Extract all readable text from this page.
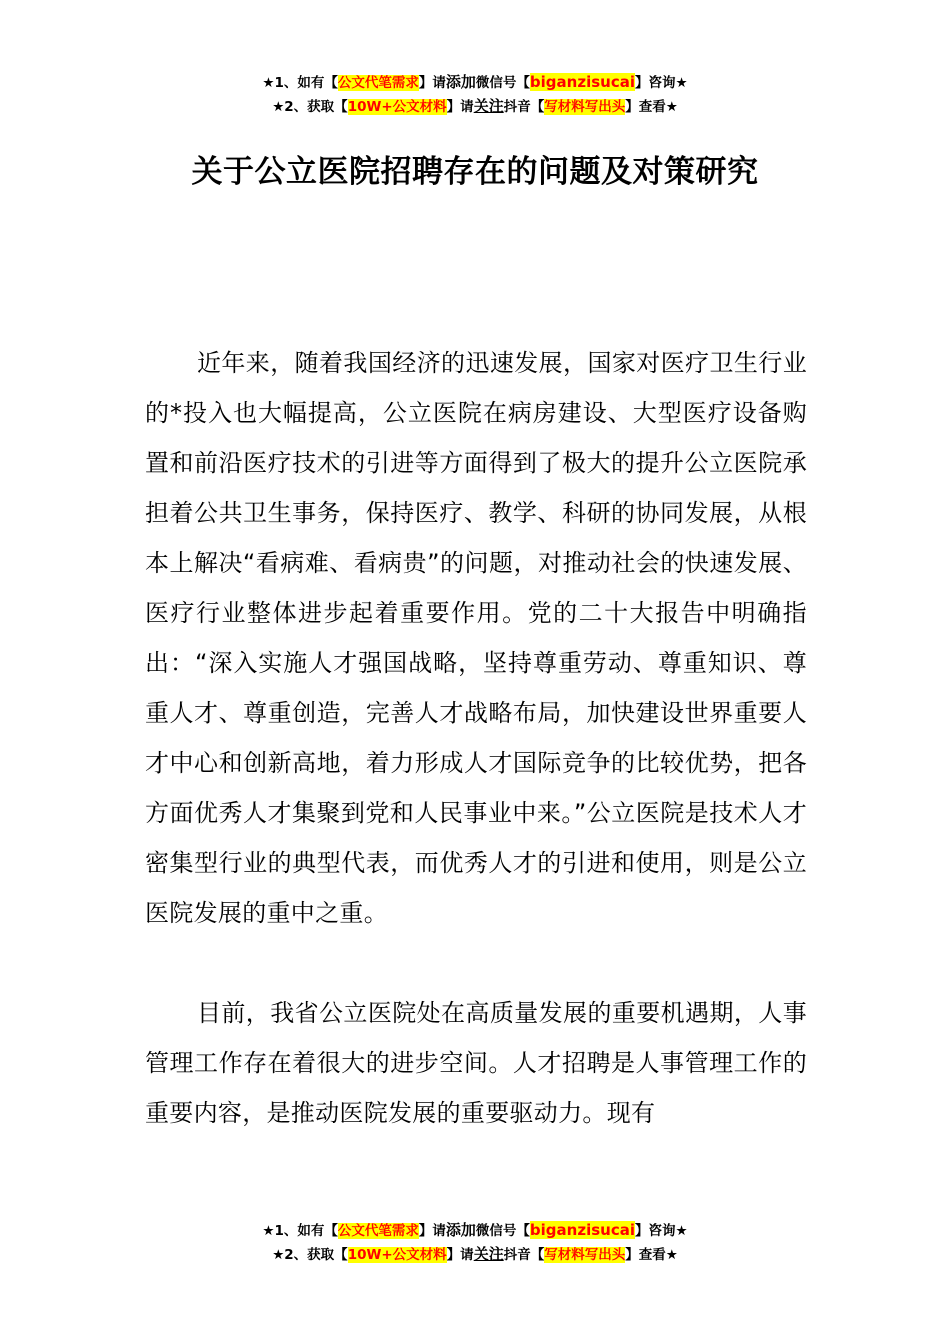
★1、如有【公文代笔需求】请添加微信号【biganzisucai】咨询★
★2、获取【10W+公文材料】请关注抖音【写材料写出头】查看★
关于公立医院招聘存在的问题及对策研究

近年来，随着我国经济的迅速发展，国家对医疗卫生行业的*投入也大幅提高，公立医院在病房建设、大型医疗设备购置和前沿医疗技术的引进等方面得到了极大的提升公立医院承担着公共卫生事务，保持医疗、教学、科研的协同发展，从根本上解决“看病难、看病贵”的问题，对推动社会的快速发展、医疗行业整体进步起着重要作用。党的二十大报告中明确指出：“深入实施人才强国战略，坚持尊重劳动、尊重知识、尊重人才、尊重创造，完善人才战略布局，加快建设世界重要人才中心和创新高地，着力形成人才国际竞争的比较优势，把各方面优秀人才集聚到党和人民事业中来。”公立医院是技术人才密集型行业的典型代表，而优秀人才的引进和使用，则是公立医院发展的重中之重。

目前，我省公立医院处在高质量发展的重要机遇期，人事管理工作存在着很大的进步空间。人才招聘是人事管理工作的重要内容，是推动医院发展的重要驱动力。现有

★1、如有【公文代笔需求】请添加微信号【biganzisucai】咨询★
★2、获取【10W+公文材料】请关注抖音【写材料写出头】查看★
